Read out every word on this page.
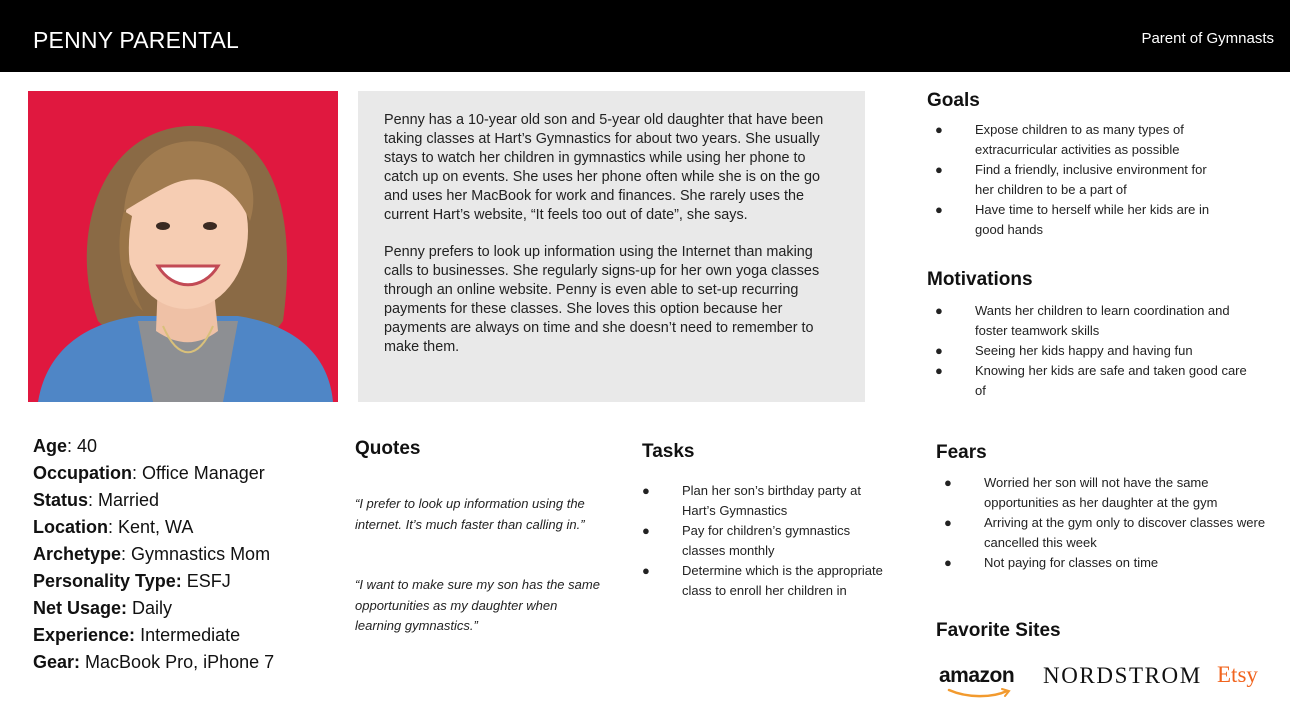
PENNY PARENTAL	Parent of Gymnasts

Penny has a 10-year old son and 5-year old daughter that have been taking classes at Hart’s Gymnastics for about two years. She usually stays to watch her children in gymnastics while using her phone to catch up on events. She uses her phone often while she is on the go and uses her MacBook for work and finances. She rarely uses the current Hart’s website, “It feels too out of date”, she says.

Penny prefers to look up information using the Internet than making calls to businesses. She regularly signs-up for her own yoga classes through an online website. Penny is even able to set-up recurring payments for these classes. She loves this option because her payments are always on time and she doesn’t need to remember to make them.

Goals
● Expose children to as many types of extracurricular activities as possible
● Find a friendly, inclusive environment for her children to be a part of
● Have time to herself while her kids are in good hands
Motivations
● Wants her children to learn coordination and foster teamwork skills
● Seeing her kids happy and having fun
● Knowing her kids are safe and taken good care of
Age: 40
Occupation: Office Manager
Status: Married
Location: Kent, WA
Archetype: Gymnastics Mom
Personality Type: ESFJ
Net Usage: Daily
Experience: Intermediate
Gear: MacBook Pro, iPhone 7
Quotes
“I prefer to look up information using the internet. It’s much faster than calling in.”
“I want to make sure my son has the same opportunities as my daughter when learning gymnastics.”
Tasks
● Plan her son’s birthday party at Hart’s Gymnastics
● Pay for children’s gymnastics classes monthly
● Determine which is the appropriate class to enroll her children in
Fears
● Worried her son will not have the same opportunities as her daughter at the gym
● Arriving at the gym only to discover classes were cancelled this week
● Not paying for classes on time
Favorite Sites
amazon NORDSTROM Etsy
